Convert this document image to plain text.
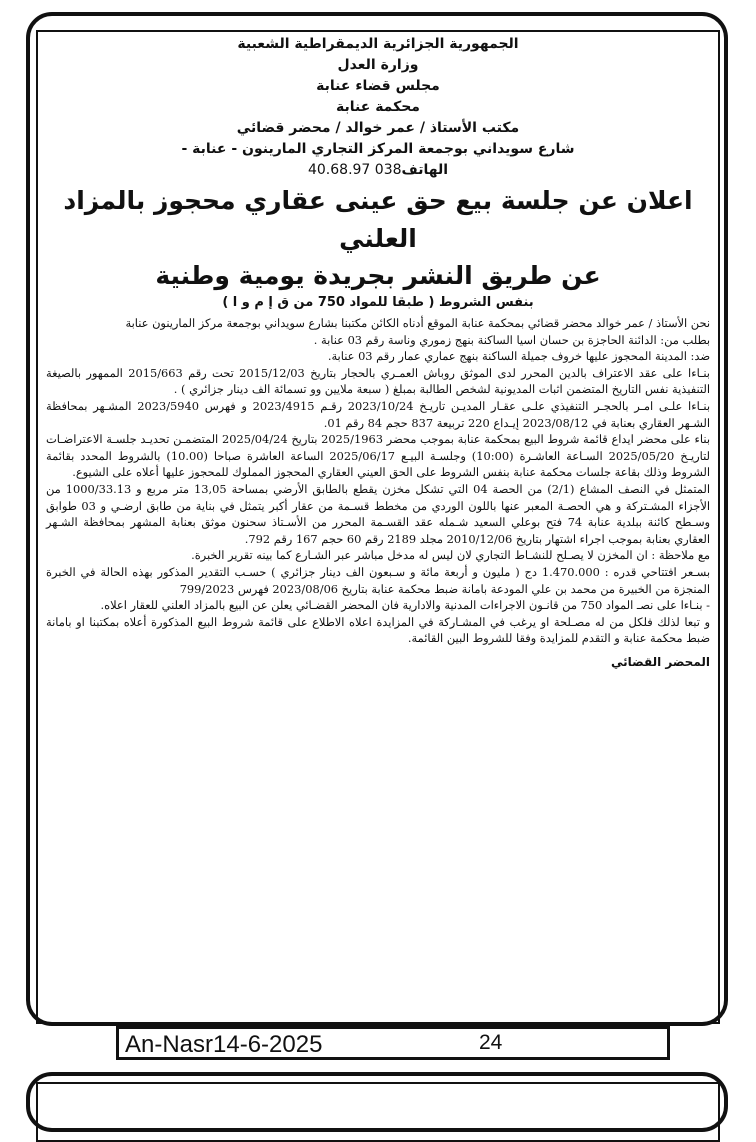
الجمهورية الجزائرية الديمقراطية الشعبية

وزارة العدل

مجلس قضاء عنابة

محكمة عنابة

مكتب الأستاذ / عمر خوالد / محضر قضائي

شارع سويداني بوجمعة المركز التجاري المارينون - عنابة -

الهاتف038 40.68.97

اعلان عن جلسة بيع حق عينى عقاري محجوز بالمزاد العلني

عن طريق النشر بجريدة يومية وطنية

بنفس الشروط ( طبقا للمواد 750 من ق إ م و ا )

نحن الأستاذ / عمر خوالد محضر قضائي بمحكمة عنابة الموقع أدناه الكائن مكتبنا بشارع سويداني بوجمعة مركز المارينون عنابة

بطلب من: الدائنة الحاجزة بن حسان اسيا الساكنة بنهج زموري وناسة رقم 03 عنابة .

ضد: المدينة المحجوز عليها خروف جميلة الساكنة بنهج عماري عمار رقم 03 عنابة.

بنـاءا على عقد الاعتراف بالدين المحرر لدى الموثق روباش العمـري بالحجار بتاريخ 2015/12/03 تحت رقم 2015/663 الممهور بالصيغة التنفيذية نفس التاريخ المتضمن اثبات المديونية لشخص الطالبة بمبلغ ( سبعة ملايين وو تسمائة الف دينار جزائري ) .

بنـاءا علـى امـر بالحجـر التنفيذي علـى عقـار المديـن تاريـخ 2023/10/24 رقـم 2023/4915 و فهرس 2023/5940 المشـهر بمحافظة الشـهر العقاري بعنابة في 2023/08/12 إيـداع 220 تربيعة 837 حجم 84 رقم 01.

بناء على محضر ايداع قائمة شروط البيع بمحكمة عنابة بموجب محضر 2025/1963 بتاريخ 2025/04/24 المتضمـن تحديـد جلسـة الاعتراضـات لتاريـخ 2025/05/20 السـاعة العاشـرة (10:00) وجلسـة البيـع 2025/06/17 الساعة العاشرة صباحا (10.00) بالشروط المحدد بقائمة الشروط وذلك بقاعة جلسات محكمة عنابة بنفس الشروط على الحق العيني العقاري المحجوز المملوك للمحجوز عليها أعلاه على الشيوع.

المتمثل في النصف المشاع (2/1) من الحصة 04 التي تشكل مخزن يقطع بالطابق الأرضي بمساحة 13,05 متر مربع و 1000/33.13 من الأجزاء المشـتركة و هي الحصـة المعبر عنها باللون الوردي من مخطط قسـمة من عقار أكبر يتمثل في بناية من طابق ارضـي و 03 طوابق وسـطح كائنة ببلدية عنابة 74 فتح بوعلي السعيد شـمله عقد القسـمة المحرر من الأسـتاذ سحنون موثق بعنابة المشهر بمحافظة الشـهر العقاري بعنابة بموجب اجراء اشتهار بتاريخ 2010/12/06 مجلد 2189 رقم 60 حجم 167 رقم 792.

مع ملاحظة : ان المخزن لا يصـلح للنشـاط التجاري لان ليس له مدخل مباشر عبر الشـارع كما بينه تقرير الخبرة.

بسـعر افتتاحي قدره : 1.470.000 دج ( مليون و أربعة مائة و سـبعون الف دينار جزائري ) حسـب التقدير المذكور بهذه الحالة في الخبرة المنجزة من الخبيرة من محمد بن علي المودعة بامانة ضبط محكمة عنابة بتاريخ 2023/08/06 فهرس 799/2023

- بنـاءا على نصـ المواد 750 من قانـون الاجراءات المدنية والادارية فان المحضر القضـائي يعلن عن البيع بالمزاد العلني للعقار اعلاه.

و تبعا لذلك فلكل من له مصـلحة او يرغب في المشـاركة في المزايدة اعلاه الاطلاع على قائمة شروط البيع المذكورة أعلاه بمكتبنا او بامانة ضبط محكمة عنابة و التقدم للمزايدة وفقا للشروط البين القائمة.

المحضر القضائي
An-Nasr14-6-2025	24
